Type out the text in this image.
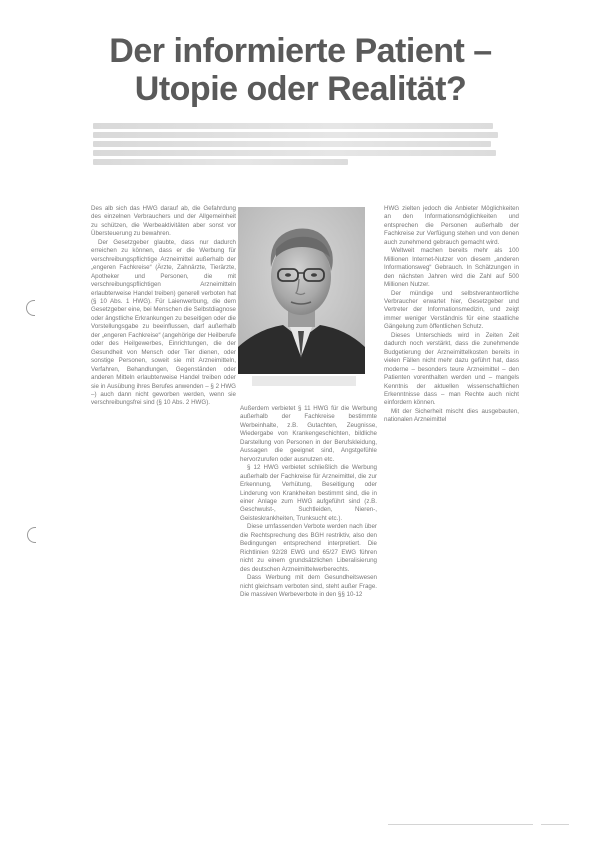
Der informierte Patient –
Utopie oder Realität?

Des alb sich das HWG darauf ab, die Gefahrdung des einzelnen Verbrauchers und der Allgemeinheit zu schützen, die Werbeaktivitäten aber sonst vor Übersteuerung zu bewahren.

Der Gesetzgeber glaubte, dass nur dadurch erreichen zu können, dass er die Werbung für verschreibungspflichtige Arzneimittel außerhalb der „engeren Fachkreise“ (Ärzte, Zahnärzte, Tierärzte, Apotheker und Personen, die mit verschreibungspflichtigen Arzneimitteln erlaubterweise Handel treiben) generell verboten hat (§ 10 Abs. 1 HWG). Für Laienwerbung, die dem Gesetzgeber eine, bei Menschen die Selbstdiagnose oder ängstliche Erkrankungen zu beseitigen oder die Vorstellungsgabe zu beeinflussen, darf außerhalb der „engeren Fachkreise“ (angehörige der Heilberufe oder des Heilgewerbes, Einrichtungen, die der Gesundheit von Mensch oder Tier dienen, oder sonstige Personen, soweit sie mit Arzneimitteln, Verfahren, Behandlungen, Gegenständen oder anderen Mitteln erlaubterweise Handel treiben oder sie in Ausübung ihres Berufes anwenden – § 2 HWG –) auch dann nicht geworben werden, wenn sie verschreibungsfrei sind (§ 10 Abs. 2 HWG).

Außerdem verbietet § 11 HWG für die Werbung außerhalb der Fachkreise bestimmte Werbeinhalte, z.B. Gutachten, Zeugnisse, Wiedergabe von Krankengeschichten, bildliche Darstellung von Personen in der Berufskleidung, Aussagen die geeignet sind, Angstgefühle hervorzurufen oder ausnutzen etc.

§ 12 HWG verbietet schließlich die Werbung außerhalb der Fachkreise für Arzneimittel, die zur Erkennung, Verhütung, Beseitigung oder Linderung von Krankheiten bestimmt sind, die in einer Anlage zum HWG aufgeführt sind (z.B. Geschwulst-, Suchtleiden, Nieren-, Geisteskrankheiten, Trunksucht etc.).

Diese umfassenden Verbote werden nach über die Rechtsprechung des BGH restriktiv, also den Bedingungen entsprechend interpretiert. Die Richtlinien 92/28 EWG und 65/27 EWG führen nicht zu einem grundsätzlichen Liberalisierung des deutschen Arzneimittelwerberechts.

Dass Werbung mit dem Gesundheitswesen nicht gleichsam verboten sind, steht außer Frage. Die massiven Werbeverbote in den §§ 10-12

HWG zielten jedoch die Anbieter Möglichkeiten an den Informationsmöglichkeiten und entsprechen die Personen außerhalb der Fachkreise zur Verfügung stehen und von denen auch zunehmend gebrauch gemacht wird.

Weltweit machen bereits mehr als 100 Millionen Internet-Nutzer von diesem „anderen Informationsweg“ Gebrauch. In Schätzungen in den nächsten Jahren wird die Zahl auf 500 Millionen Nutzer.

Der mündige und selbstverantwortliche Verbraucher erwartet hier, Gesetzgeber und Vertreter der Informationsmedizin, und zeigt immer weniger Verständnis für eine staatliche Gängelung zum öffentlichen Schutz.

Dieses Unterschieds wird in Zeiten Zeit dadurch noch verstärkt, dass die zunehmende Budgetierung der Arzneimittelkosten bereits in vielen Fällen nicht mehr dazu geführt hat, dass moderne – besonders teure Arzneimittel – den Patienten vorenthalten werden und – mangels Kenntnis der aktuellen wissenschaftlichen Erkenntnisse dass – man Rechte auch nicht einfordern können.

Mit der Sicherheit mischt dies ausgebauten, nationalen Arzneimittel
